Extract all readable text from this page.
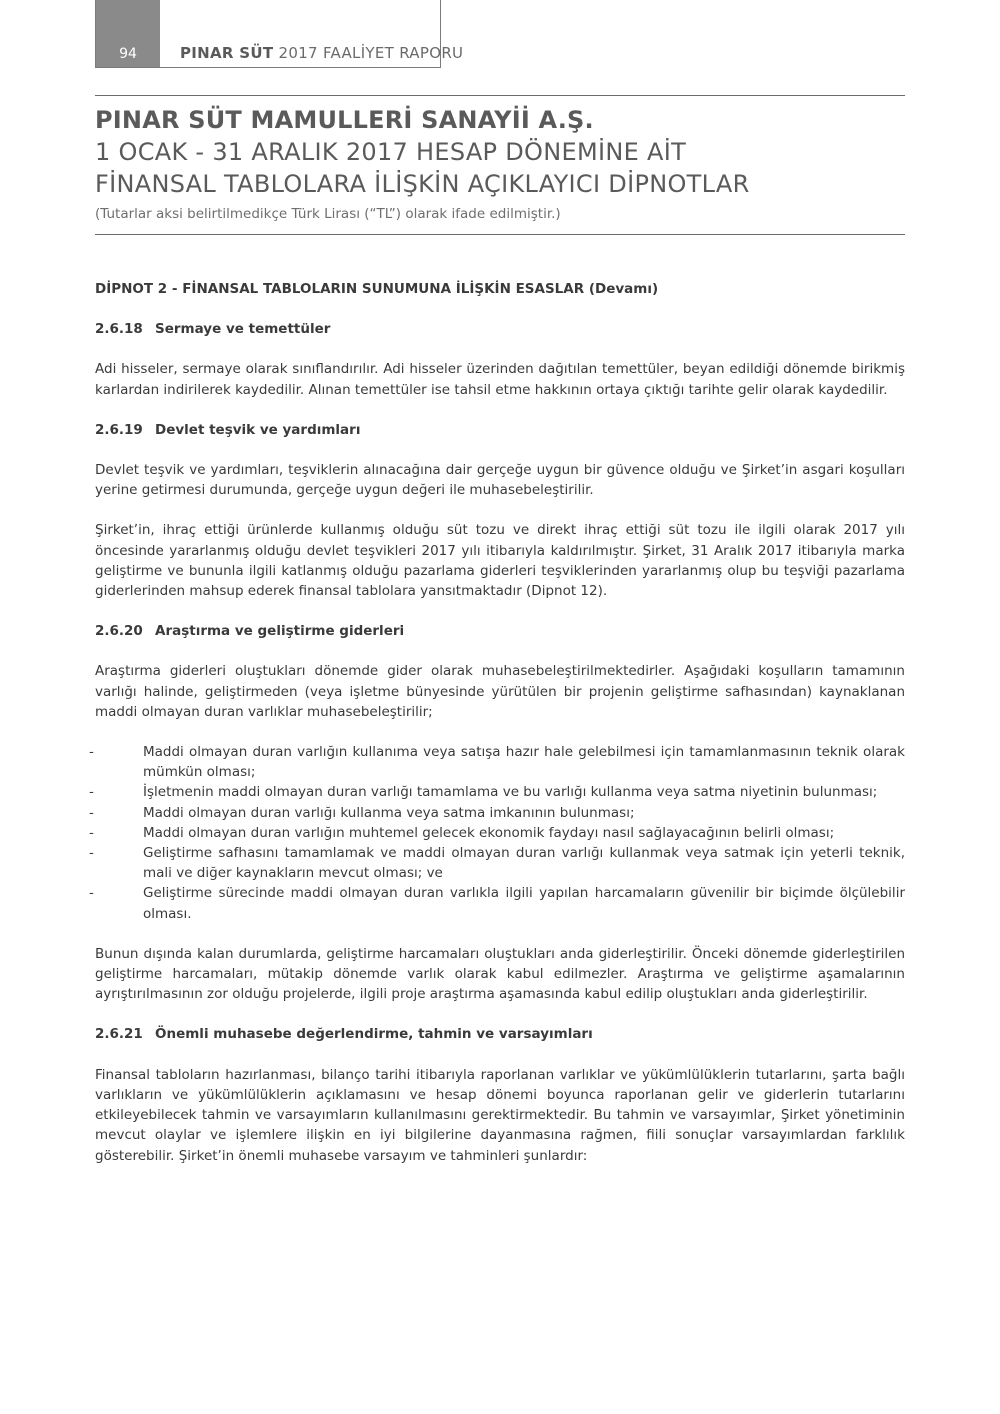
94	PINAR SÜT 2017 FAALİYET RAPORU
PINAR SÜT MAMULLERİ SANAYİİ A.Ş.
1 OCAK - 31 ARALIK 2017 HESAP DÖNEMİNE AİT
FİNANSAL TABLOLARA İLİŞKİN AÇIKLAYICI DİPNOTLAR
(Tutarlar aksi belirtilmedikçe Türk Lirası (“TL”) olarak ifade edilmiştir.)
DİPNOT 2 - FİNANSAL TABLOLARIN SUNUMUNA İLİŞKİN ESASLAR (Devamı)
2.6.18 Sermaye ve temettüler

Adi hisseler, sermaye olarak sınıflandırılır. Adi hisseler üzerinden dağıtılan temettüler, beyan edildiği dönemde birikmiş karlardan indirilerek kaydedilir. Alınan temettüler ise tahsil etme hakkının ortaya çıktığı tarihte gelir olarak kaydedilir.

2.6.19 Devlet teşvik ve yardımları

Devlet teşvik ve yardımları, teşviklerin alınacağına dair gerçeğe uygun bir güvence olduğu ve Şirket’in asgari koşulları yerine getirmesi durumunda, gerçeğe uygun değeri ile muhasebeleştirilir.

Şirket’in, ihraç ettiği ürünlerde kullanmış olduğu süt tozu ve direkt ihraç ettiği süt tozu ile ilgili olarak 2017 yılı öncesinde yararlanmış olduğu devlet teşvikleri 2017 yılı itibarıyla kaldırılmıştır. Şirket, 31 Aralık 2017 itibarıyla marka geliştirme ve bununla ilgili katlanmış olduğu pazarlama giderleri teşviklerinden yararlanmış olup bu teşviği pazarlama giderlerinden mahsup ederek finansal tablolara yansıtmaktadır (Dipnot 12).

2.6.20 Araştırma ve geliştirme giderleri

Araştırma giderleri oluştukları dönemde gider olarak muhasebeleştirilmektedirler. Aşağıdaki koşulların tamamının varlığı halinde, geliştirmeden (veya işletme bünyesinde yürütülen bir projenin geliştirme safhasından) kaynaklanan maddi olmayan duran varlıklar muhasebeleştirilir;

-	Maddi olmayan duran varlığın kullanıma veya satışa hazır hale gelebilmesi için tamamlanmasının teknik olarak mümkün olması;
-	İşletmenin maddi olmayan duran varlığı tamamlama ve bu varlığı kullanma veya satma niyetinin bulunması;
-	Maddi olmayan duran varlığı kullanma veya satma imkanının bulunması;
-	Maddi olmayan duran varlığın muhtemel gelecek ekonomik faydayı nasıl sağlayacağının belirli olması;
-	Geliştirme safhasını tamamlamak ve maddi olmayan duran varlığı kullanmak veya satmak için yeterli teknik, mali ve diğer kaynakların mevcut olması; ve
-	Geliştirme sürecinde maddi olmayan duran varlıkla ilgili yapılan harcamaların güvenilir bir biçimde ölçülebilir olması.

Bunun dışında kalan durumlarda, geliştirme harcamaları oluştukları anda giderleştirilir. Önceki dönemde giderleştirilen geliştirme harcamaları, mütakip dönemde varlık olarak kabul edilmezler. Araştırma ve geliştirme aşamalarının ayrıştırılmasının zor olduğu projelerde, ilgili proje araştırma aşamasında kabul edilip oluştukları anda giderleştirilir.

2.6.21 Önemli muhasebe değerlendirme, tahmin ve varsayımları

Finansal tabloların hazırlanması, bilanço tarihi itibarıyla raporlanan varlıklar ve yükümlülüklerin tutarlarını, şarta bağlı varlıkların ve yükümlülüklerin açıklamasını ve hesap dönemi boyunca raporlanan gelir ve giderlerin tutarlarını etkileyebilecek tahmin ve varsayımların kullanılmasını gerektirmektedir. Bu tahmin ve varsayımlar, Şirket yönetiminin mevcut olaylar ve işlemlere ilişkin en iyi bilgilerine dayanmasına rağmen, fiili sonuçlar varsayımlardan farklılık gösterebilir. Şirket’in önemli muhasebe varsayım ve tahminleri şunlardır:
